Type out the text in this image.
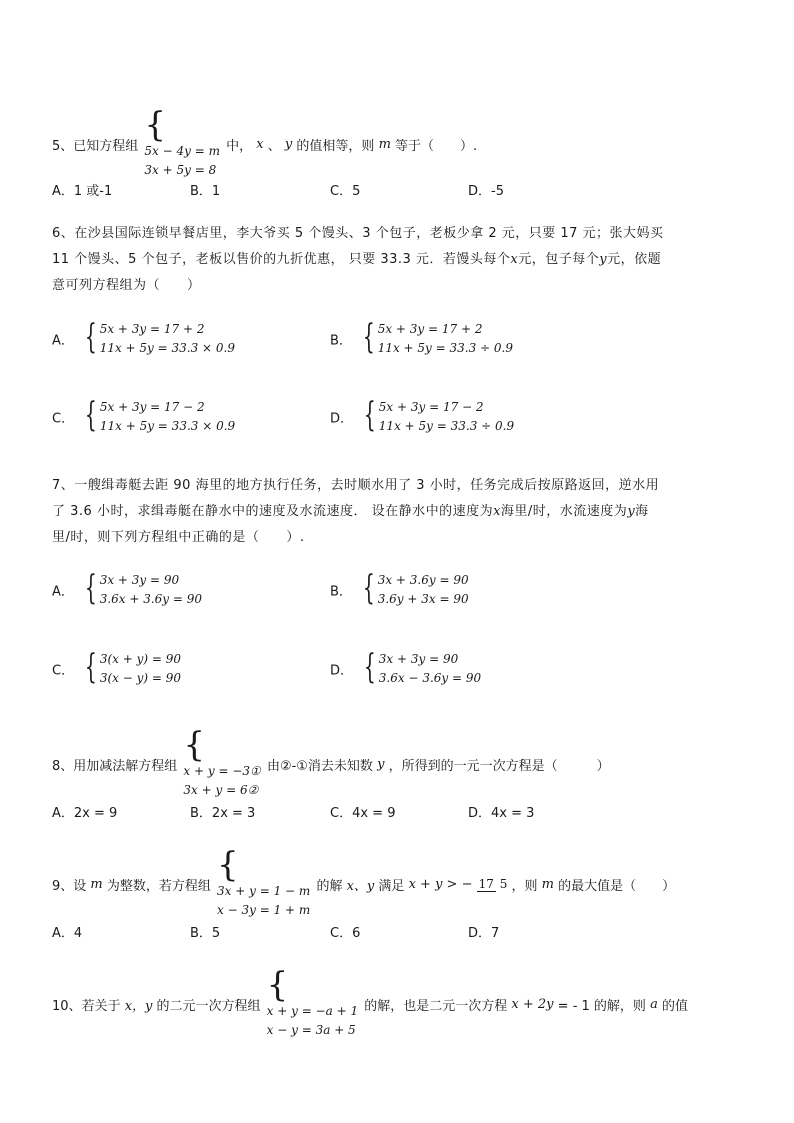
5、已知方程组 {
5x − 4y = m
3x + 5y = 8
中， x 、 y 的值相等，则 m 等于（　　）.
A．1 或-1	B．1	C．5	D．-5
6、在沙县国际连锁早餐店里，李大爷买 5 个馒头、3 个包子，老板少拿 2 元，只要 17 元；张大妈买
11 个馒头、5 个包子，老板以售价的九折优惠， 只要 33.3 元．若馒头每个x元，包子每个y元，依题
意可列方程组为（　　）
A． { 5x + 3y = 17 + 2
11x + 5y = 33.3 × 0.9	B． { 5x + 3y = 17 + 2
11x + 5y = 33.3 ÷ 0.9
C． { 5x + 3y = 17 − 2
11x + 5y = 33.3 × 0.9	D． { 5x + 3y = 17 − 2
11x + 5y = 33.3 ÷ 0.9
7、一艘缉毒艇去距 90 海里的地方执行任务，去时顺水用了 3 小时，任务完成后按原路返回，逆水用
了 3.6 小时，求缉毒艇在静水中的速度及水流速度． 设在静水中的速度为x海里/时，水流速度为y海
里/时，则下列方程组中正确的是（　　）.
A． { 3x + 3y = 90
3.6x + 3.6y = 90	B． { 3x + 3.6y = 90
3.6y + 3x = 90
C． { 3(x + y) = 90
3(x − y) = 90	D． { 3x + 3y = 90
3.6x − 3.6y = 90
8、用加减法解方程组 {
x + y = −3①
3x + y = 6②
由②-①消去未知数 y ，所得到的一元一次方程是（　　　）
A．2x = 9	B．2x = 3	C．4x = 9	D．4x = 3
9、设 m 为整数，若方程组 {
3x + y = 1 − m
x − 3y = 1 + m
的解 x、y 满足 x + y > − 17 5 ，则 m 的最大值是（　　）
A．4	B．5	C．6	D．7
10、若关于 x，y 的二元一次方程组 {
x + y = −a + 1
x − y = 3a + 5
的解，也是二元一次方程 x + 2y = - 1 的解，则 a 的值
